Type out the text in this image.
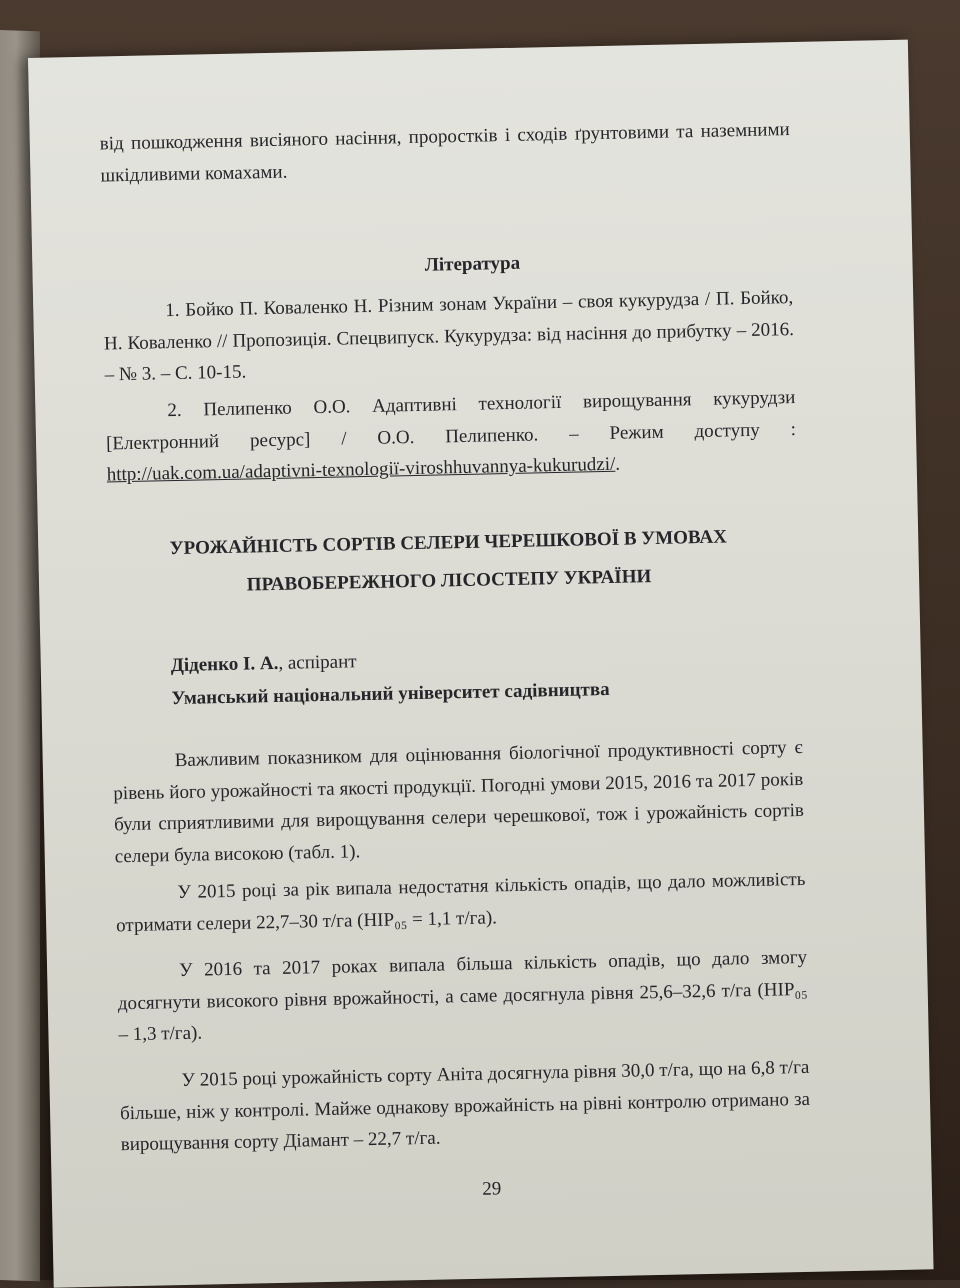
від пошкодження висіяного насіння, проростків і сходів ґрунтовими та наземними шкідливими комахами.
Література
1. Бойко П. Коваленко Н. Різним зонам України – своя кукурудза / П. Бойко, Н. Коваленко // Пропозиція. Спецвипуск. Кукурудза: від насіння до прибутку – 2016. – № 3. – С. 10-15.
2. Пелипенко О.О. Адаптивні технології вирощування кукурудзи [Електронний ресурс] / О.О. Пелипенко. – Режим доступу : http://uak.com.ua/adaptivni-texnologiї-viroshhuvannya-kukurudzi/.
УРОЖАЙНІСТЬ СОРТІВ СЕЛЕРИ ЧЕРЕШКОВОЇ В УМОВАХ
ПРАВОБЕРЕЖНОГО ЛІСОСТЕПУ УКРАЇНИ
Діденко І. А., аспірант
Уманський національний університет садівництва
Важливим показником для оцінювання біологічної продуктивності сорту є рівень його урожайності та якості продукції. Погодні умови 2015, 2016 та 2017 років були сприятливими для вирощування селери черешкової, тож і урожайність сортів селери була високою (табл. 1).
У 2015 році за рік випала недостатня кількість опадів, що дало можливість отримати селери 22,7–30 т/га (НІР₀₅ = 1,1 т/га).
У 2016 та 2017 роках випала більша кількість опадів, що дало змогу досягнути високого рівня врожайності, а саме досягнула рівня 25,6–32,6 т/га (НІР₀₅ – 1,3 т/га).
У 2015 році урожайність сорту Аніта досягнула рівня 30,0 т/га, що на 6,8 т/га більше, ніж у контролі. Майже однакову врожайність на рівні контролю отримано за вирощування сорту Діамант – 22,7 т/га.
29
